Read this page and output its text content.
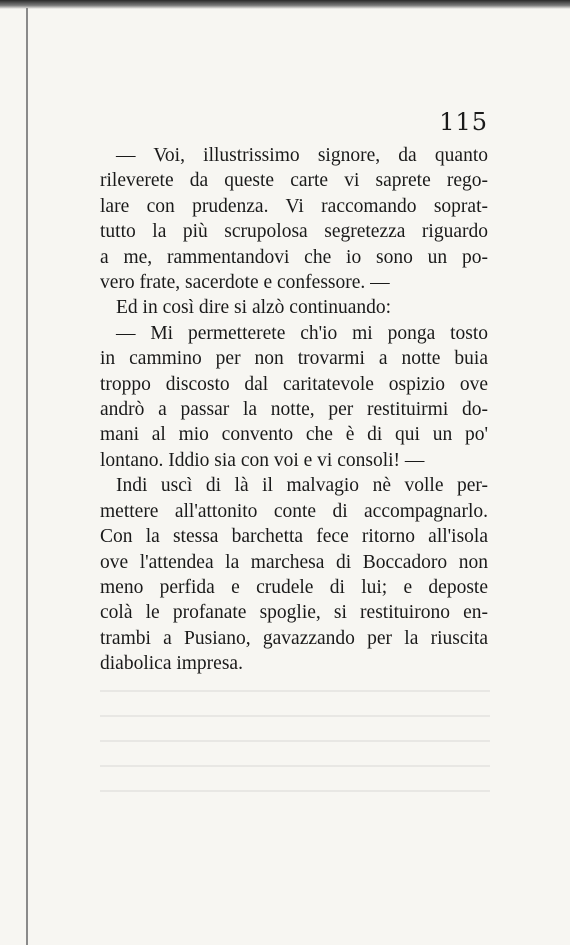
115
— Voi, illustrissimo signore, da quanto
rileverete da queste carte vi saprete rego-
lare con prudenza. Vi raccomando soprat-
tutto la più scrupolosa segretezza riguardo
a me, rammentandovi che io sono un po-
vero frate, sacerdote e confessore. —
Ed in così dire si alzò continuando:
— Mi permetterete ch'io mi ponga tosto
in cammino per non trovarmi a notte buia
troppo discosto dal caritatevole ospizio ove
andrò a passar la notte, per restituirmi do-
mani al mio convento che è di qui un po'
lontano. Iddio sia con voi e vi consoli! —
Indi uscì di là il malvagio nè volle per-
mettere all'attonito conte di accompagnarlo.
Con la stessa barchetta fece ritorno all'isola
ove l'attendea la marchesa di Boccadoro non
meno perfida e crudele di lui; e deposte
colà le profanate spoglie, si restituirono en-
trambi a Pusiano, gavazzando per la riuscita
diabolica impresa.
